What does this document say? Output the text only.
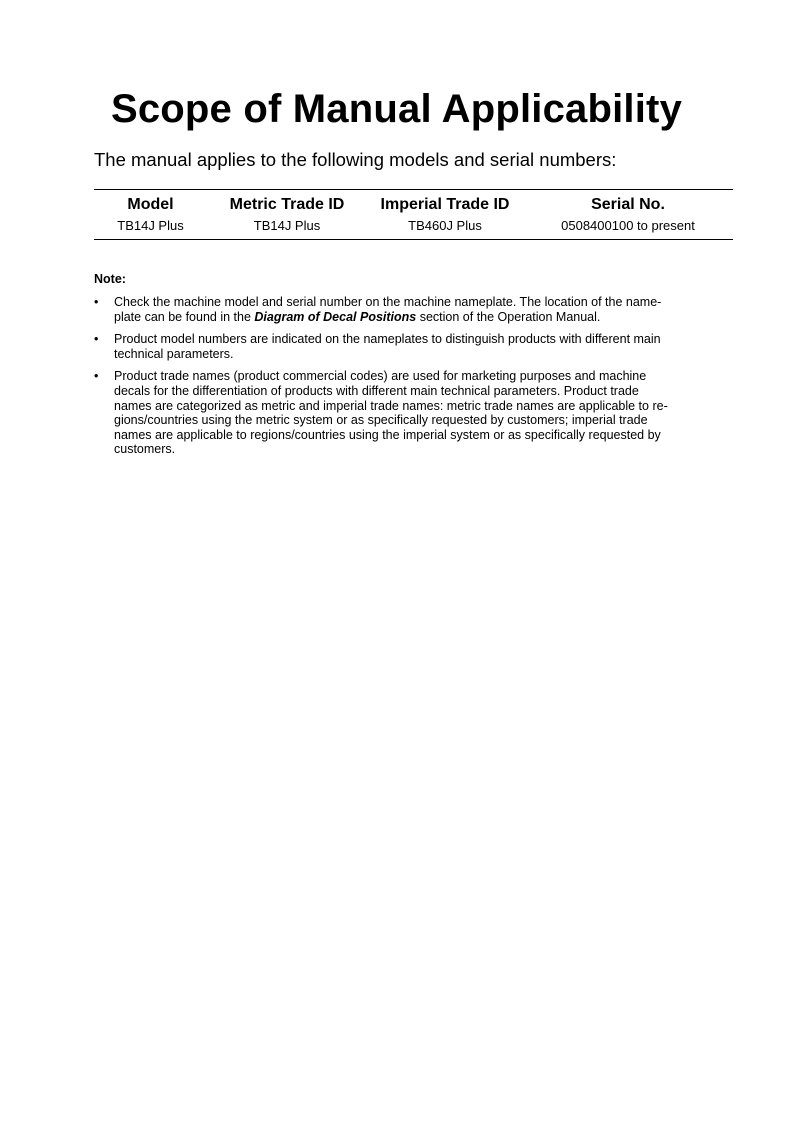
Scope of Manual Applicability

The manual applies to the following models and serial numbers:

Model	Metric Trade ID	Imperial Trade ID	Serial No.
TB14J Plus	TB14J Plus	TB460J Plus	0508400100 to present

Note:

• Check the machine model and serial number on the machine nameplate. The location of the name-
plate can be found in the Diagram of Decal Positions section of the Operation Manual.
• Product model numbers are indicated on the nameplates to distinguish products with different main
technical parameters.
• Product trade names (product commercial codes) are used for marketing purposes and machine
decals for the differentiation of products with different main technical parameters. Product trade
names are categorized as metric and imperial trade names: metric trade names are applicable to re-
gions/countries using the metric system or as specifically requested by customers; imperial trade
names are applicable to regions/countries using the imperial system or as specifically requested by
customers.
